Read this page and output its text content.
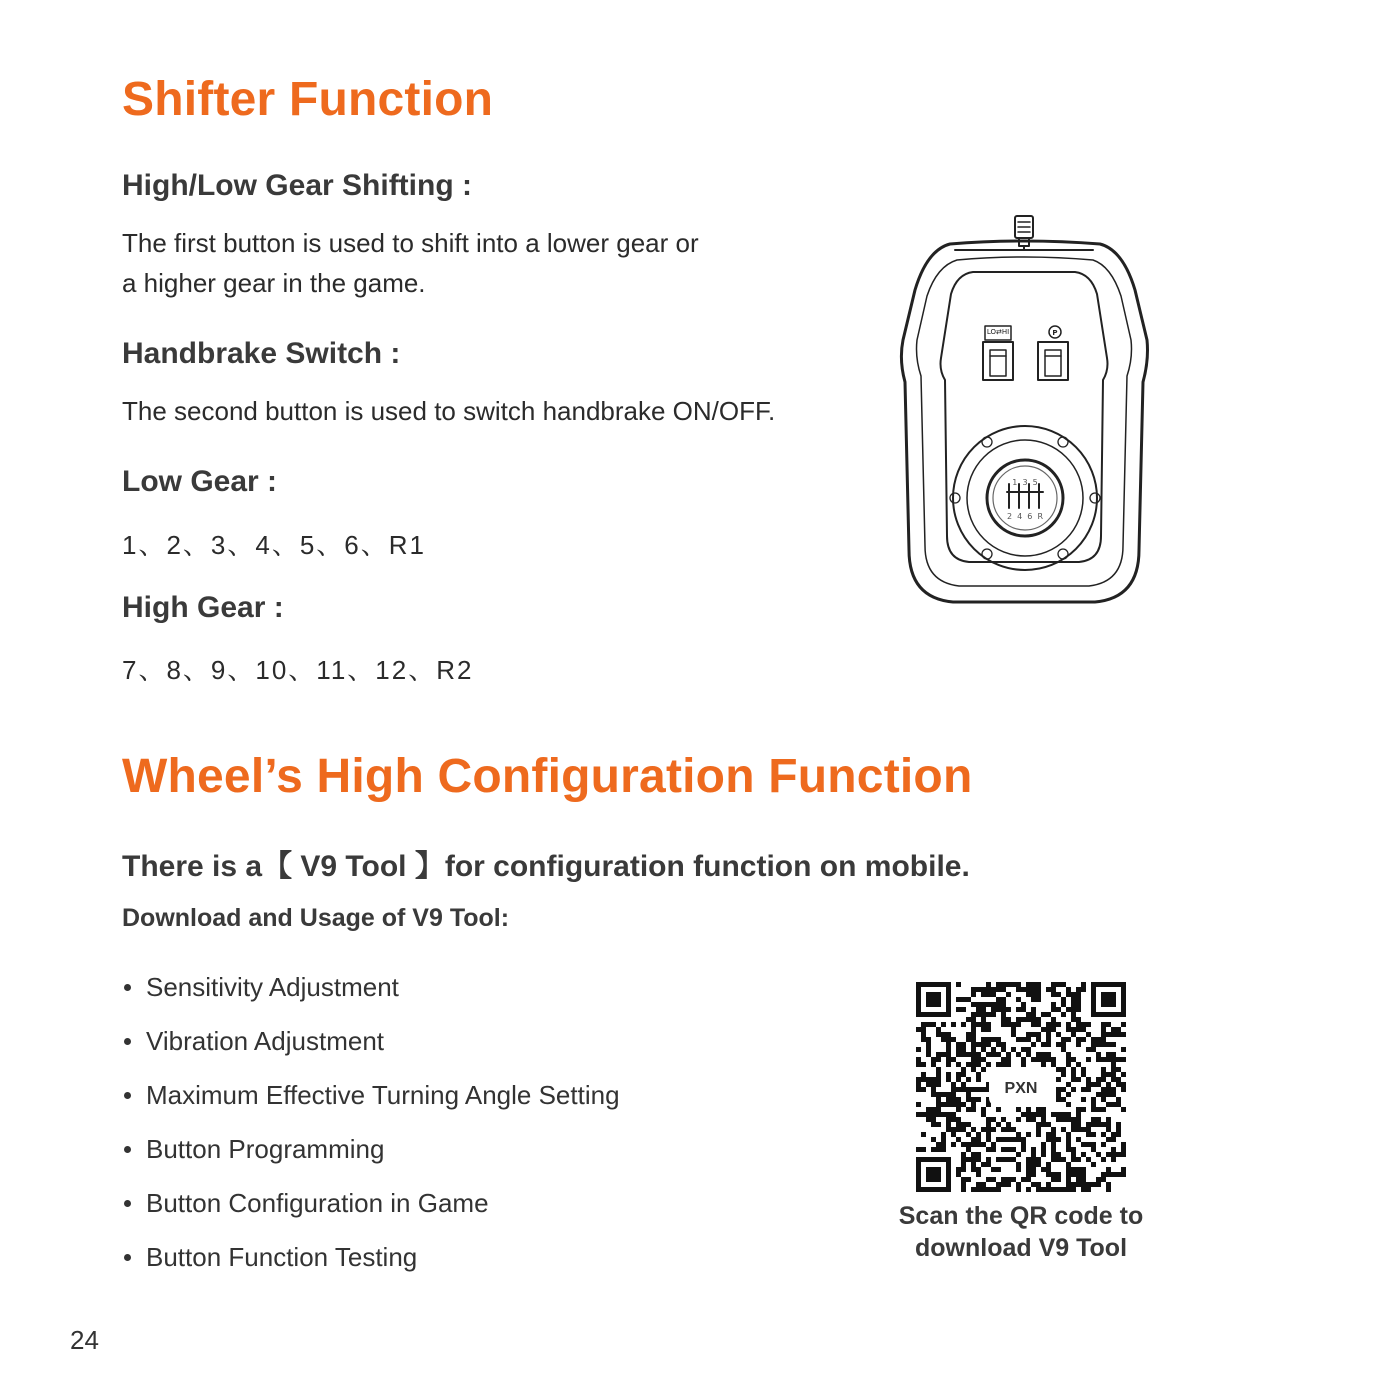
Shifter Function
High/Low Gear Shifting :
The first button is used to shift into a lower gear or
a higher gear in the game.
Handbrake Switch :
The second button is used to switch handbrake ON/OFF.
Low Gear :
1、2、3、4、5、6、R1
High Gear :
7、8、9、10、11、12、R2
LO⇄HI	P
1  3  5
2  4  6  R
Wheel’s High Configuration Function
There is a【 V9 Tool 】for configuration function on mobile.
Download and Usage of V9 Tool:
Sensitivity Adjustment
Vibration Adjustment
Maximum Effective Turning Angle Setting
Button Programming
Button Configuration in Game
Button Function Testing
PXN
Scan the QR code to
download V9 Tool
24
